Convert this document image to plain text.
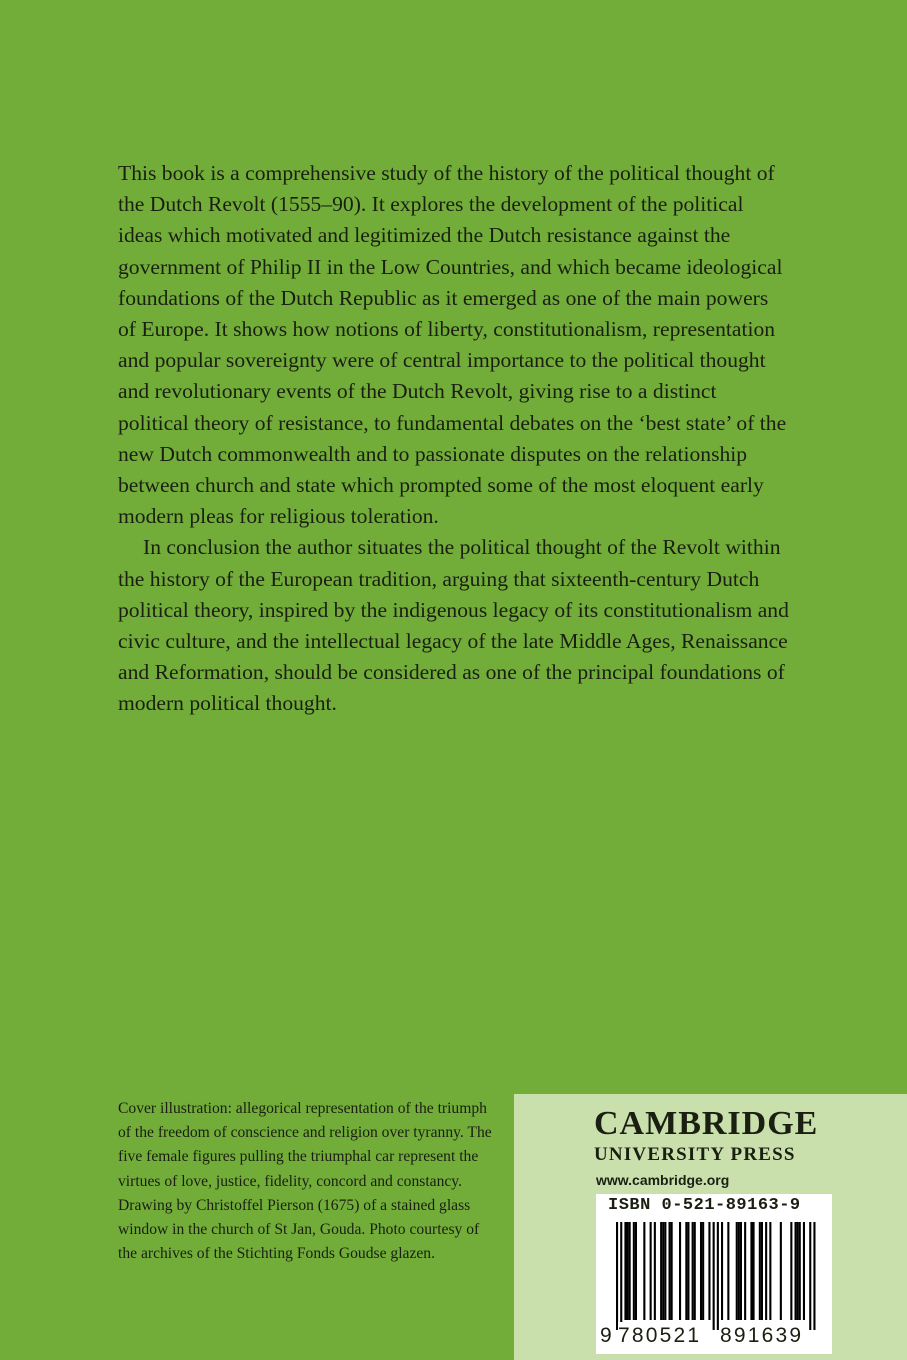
This book is a comprehensive study of the history of the political thought of the Dutch Revolt (1555–90). It explores the development of the political ideas which motivated and legitimized the Dutch resistance against the government of Philip II in the Low Countries, and which became ideological foundations of the Dutch Republic as it emerged as one of the main powers of Europe. It shows how notions of liberty, constitutionalism, representation and popular sovereignty were of central importance to the political thought and revolutionary events of the Dutch Revolt, giving rise to a distinct political theory of resistance, to fundamental debates on the ‘best state’ of the new Dutch commonwealth and to passionate disputes on the relationship between church and state which prompted some of the most eloquent early modern pleas for religious toleration.

In conclusion the author situates the political thought of the Revolt within the history of the European tradition, arguing that sixteenth-century Dutch political theory, inspired by the indigenous legacy of its constitutionalism and civic culture, and the intellectual legacy of the late Middle Ages, Renaissance and Reformation, should be considered as one of the principal foundations of modern political thought.

Cover illustration: allegorical representation of the triumph of the freedom of conscience and religion over tyranny. The five female figures pulling the triumphal car represent the virtues of love, justice, fidelity, concord and constancy. Drawing by Christoffel Pierson (1675) of a stained glass window in the church of St Jan, Gouda. Photo courtesy of the archives of the Stichting Fonds Goudse glazen.
CAMBRIDGE
UNIVERSITY PRESS
www.cambridge.org
ISBN 0-521-89163-9
9 780521 891639
